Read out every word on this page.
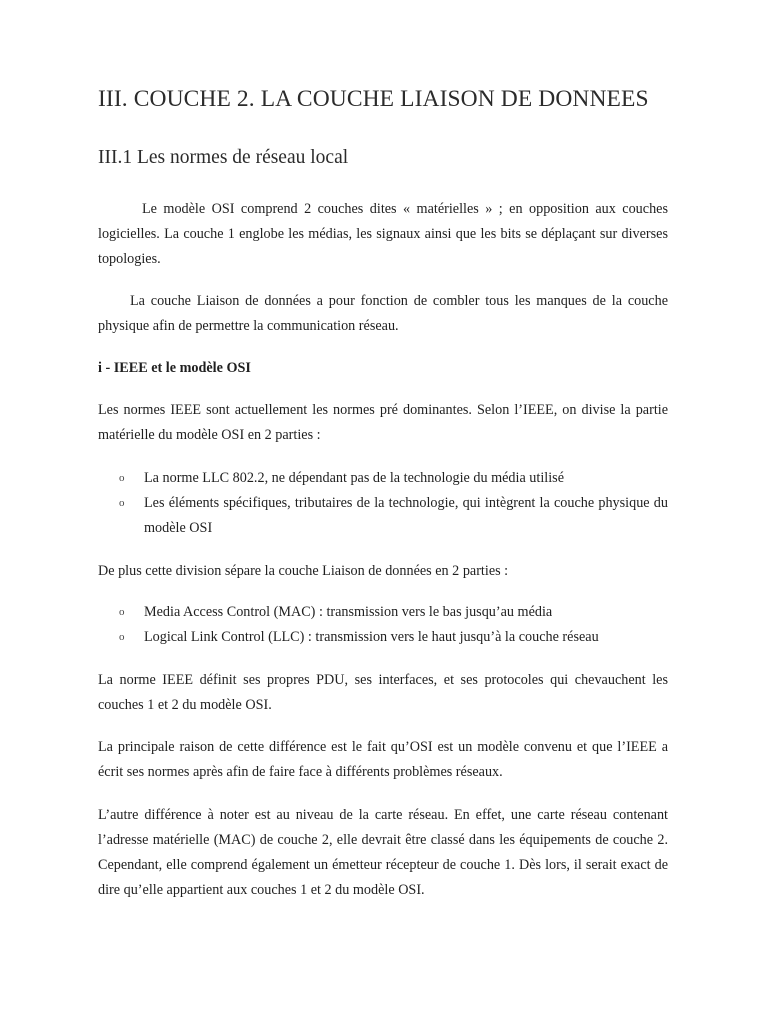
III. COUCHE 2. LA COUCHE LIAISON DE DONNEES
III.1 Les normes de réseau local

Le modèle OSI comprend 2 couches dites « matérielles » ; en opposition aux couches logicielles. La couche 1 englobe les médias, les signaux ainsi que les bits se déplaçant sur diverses topologies.

La couche Liaison de données a pour fonction de combler tous les manques de la couche physique afin de permettre la communication réseau.

i - IEEE et le modèle OSI

Les normes IEEE sont actuellement les normes pré dominantes. Selon l’IEEE, on divise la partie matérielle du modèle OSI en 2 parties :

o La norme LLC 802.2, ne dépendant pas de la technologie du média utilisé
o Les éléments spécifiques, tributaires de la technologie, qui intègrent la couche physique du modèle OSI

De plus cette division sépare la couche Liaison de données en 2 parties :

o Media Access Control (MAC) : transmission vers le bas jusqu’au média
o Logical Link Control (LLC) : transmission vers le haut jusqu’à la couche réseau

La norme IEEE définit ses propres PDU, ses interfaces, et ses protocoles qui chevauchent les couches 1 et 2 du modèle OSI.

La principale raison de cette différence est le fait qu’OSI est un modèle convenu et que l’IEEE a écrit ses normes après afin de faire face à différents problèmes réseaux.

L’autre différence à noter est au niveau de la carte réseau. En effet, une carte réseau contenant l’adresse matérielle (MAC) de couche 2, elle devrait être classé dans les équipements de couche 2. Cependant, elle comprend également un émetteur récepteur de couche 1. Dès lors, il serait exact de dire qu’elle appartient aux couches 1 et 2 du modèle OSI.
